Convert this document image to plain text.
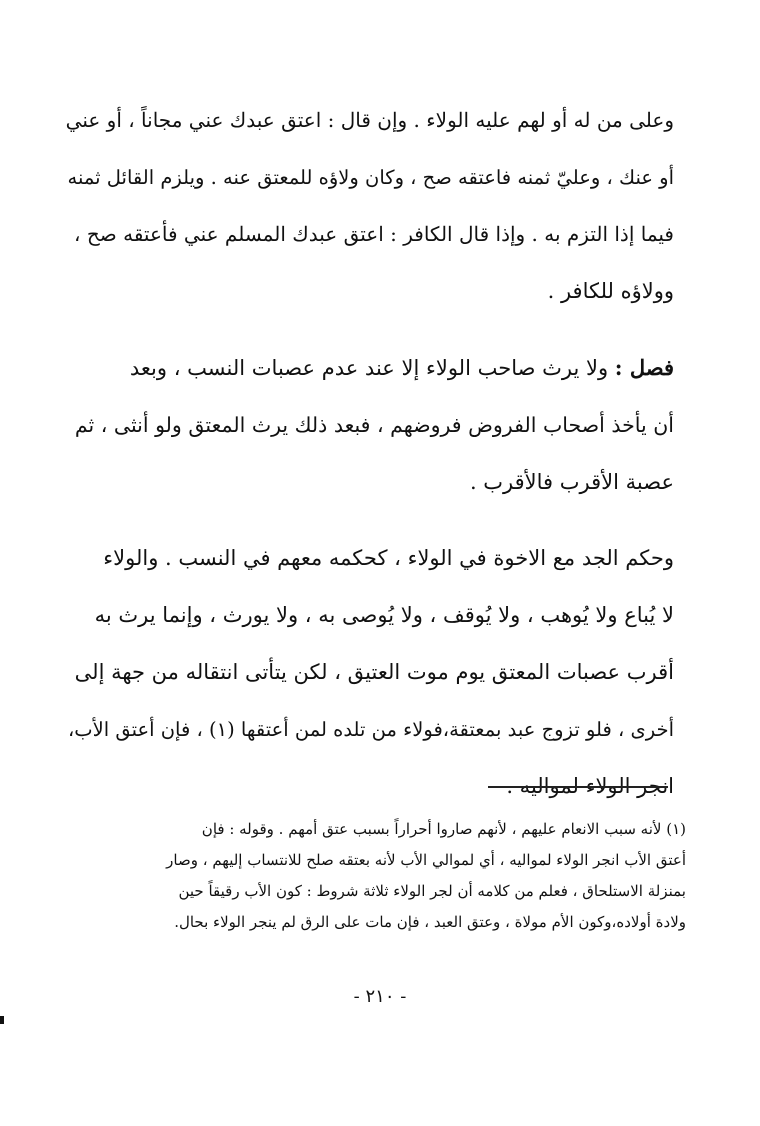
وعلى من له أو لهم عليه الولاء . وإن قال : اعتق عبدك عني مجاناً ، أو عني
أو عنك ، وعليّ ثمنه فاعتقه صح ، وكان ولاؤه للمعتق عنه . ويلزم القائل ثمنه
فيما إذا التزم به . وإذا قال الكافر : اعتق عبدك المسلم عني فأعتقه صح ،
وولاؤه للكافر .

فصل : ولا يرث صاحب الولاء إلا عند عدم عصبات النسب ، وبعد
أن يأخذ أصحاب الفروض فروضهم ، فبعد ذلك يرث المعتق ولو أنثى ، ثم
عصبة الأقرب فالأقرب .

وحكم الجد مع الاخوة في الولاء ، كحكمه معهم في النسب . والولاء
لا يُباع ولا يُوهب ، ولا يُوقف ، ولا يُوصى به ، ولا يورث ، وإنما يرث به
أقرب عصبات المعتق يوم موت العتيق ، لكن يتأتى انتقاله من جهة إلى
أخرى ، فلو تزوج عبد بمعتقة،فولاء من تلده لمن أعتقها (١) ، فإن أعتق الأب،
انجر الولاء لمواليه .

(١) لأنه سبب الانعام عليهم ، لأنهم صاروا أحراراً بسبب عتق أمهم . وقوله : فإن
أعتق الأب انجر الولاء لمواليه ، أي لموالي الأب لأنه بعتقه صلح للانتساب إليهم ، وصار
بمنزلة الاستلحاق ، فعلم من كلامه أن لجر الولاء ثلاثة شروط : كون الأب رقيقاً حين
ولادة أولاده،وكون الأم مولاة ، وعتق العبد ، فإن مات على الرق لم ينجر الولاء بحال.
- ٢١٠ -
